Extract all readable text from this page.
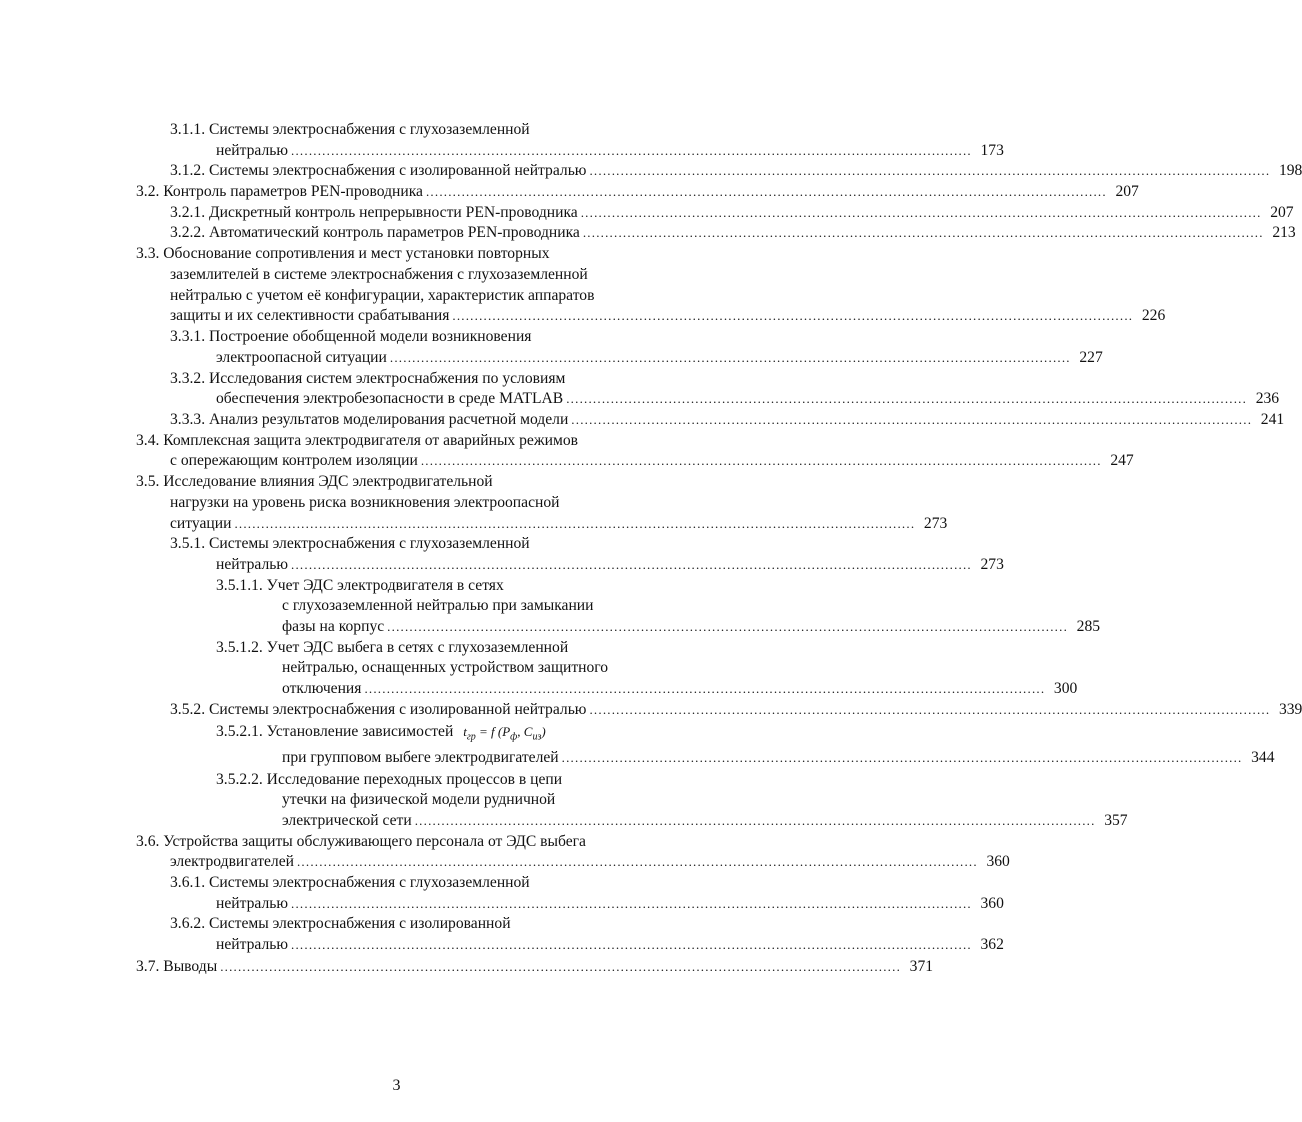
3.1.1. Системы электроснабжения с глухозаземленной
нейтралью ......................................................................................................................................................... 173
3.1.2. Системы электроснабжения с изолированной нейтралью ......................................................................................................................................................... 198
3.2. Контроль параметров PEN-проводника ......................................................................................................................................................... 207
3.2.1. Дискретный контроль непрерывности PEN-проводника ......................................................................................................................................................... 207
3.2.2. Автоматический контроль параметров PEN-проводника ......................................................................................................................................................... 213
3.3. Обоснование сопротивления и мест установки повторных
заземлителей в системе электроснабжения с глухозаземленной
нейтралью с учетом её конфигурации, характеристик аппаратов
защиты и их селективности срабатывания ......................................................................................................................................................... 226
3.3.1. Построение обобщенной модели возникновения
электроопасной ситуации ......................................................................................................................................................... 227
3.3.2. Исследования систем электроснабжения по условиям
обеспечения электробезопасности в среде MATLAB ......................................................................................................................................................... 236
3.3.3. Анализ результатов моделирования расчетной модели ......................................................................................................................................................... 241
3.4. Комплексная защита электродвигателя от аварийных режимов
с опережающим контролем изоляции ......................................................................................................................................................... 247
3.5. Исследование влияния ЭДС электродвигательной
нагрузки на уровень риска возникновения электроопасной
ситуации ......................................................................................................................................................... 273
3.5.1. Системы электроснабжения с глухозаземленной
нейтралью ......................................................................................................................................................... 273
3.5.1.1. Учет ЭДС электродвигателя в сетях
с глухозаземленной нейтралью при замыкании
фазы на корпус ......................................................................................................................................................... 285
3.5.1.2. Учет ЭДС выбега в сетях с глухозаземленной
нейтралью, оснащенных устройством защитного
отключения ......................................................................................................................................................... 300
3.5.2. Системы электроснабжения с изолированной нейтралью ......................................................................................................................................................... 339
3.5.2.1. Установление зависимостей $t_{гр} = f$ ($P_ф$, $C_{из}$)
при групповом выбеге электродвигателей ......................................................................................................................................................... 344
3.5.2.2. Исследование переходных процессов в цепи
утечки на физической модели рудничной
электрической сети ......................................................................................................................................................... 357
3.6. Устройства защиты обслуживающего персонала от ЭДС выбега
электродвигателей ......................................................................................................................................................... 360
3.6.1. Системы электроснабжения с глухозаземленной
нейтралью ......................................................................................................................................................... 360
3.6.2. Системы электроснабжения с изолированной
нейтралью ......................................................................................................................................................... 362
3.7. Выводы ......................................................................................................................................................... 371
3
